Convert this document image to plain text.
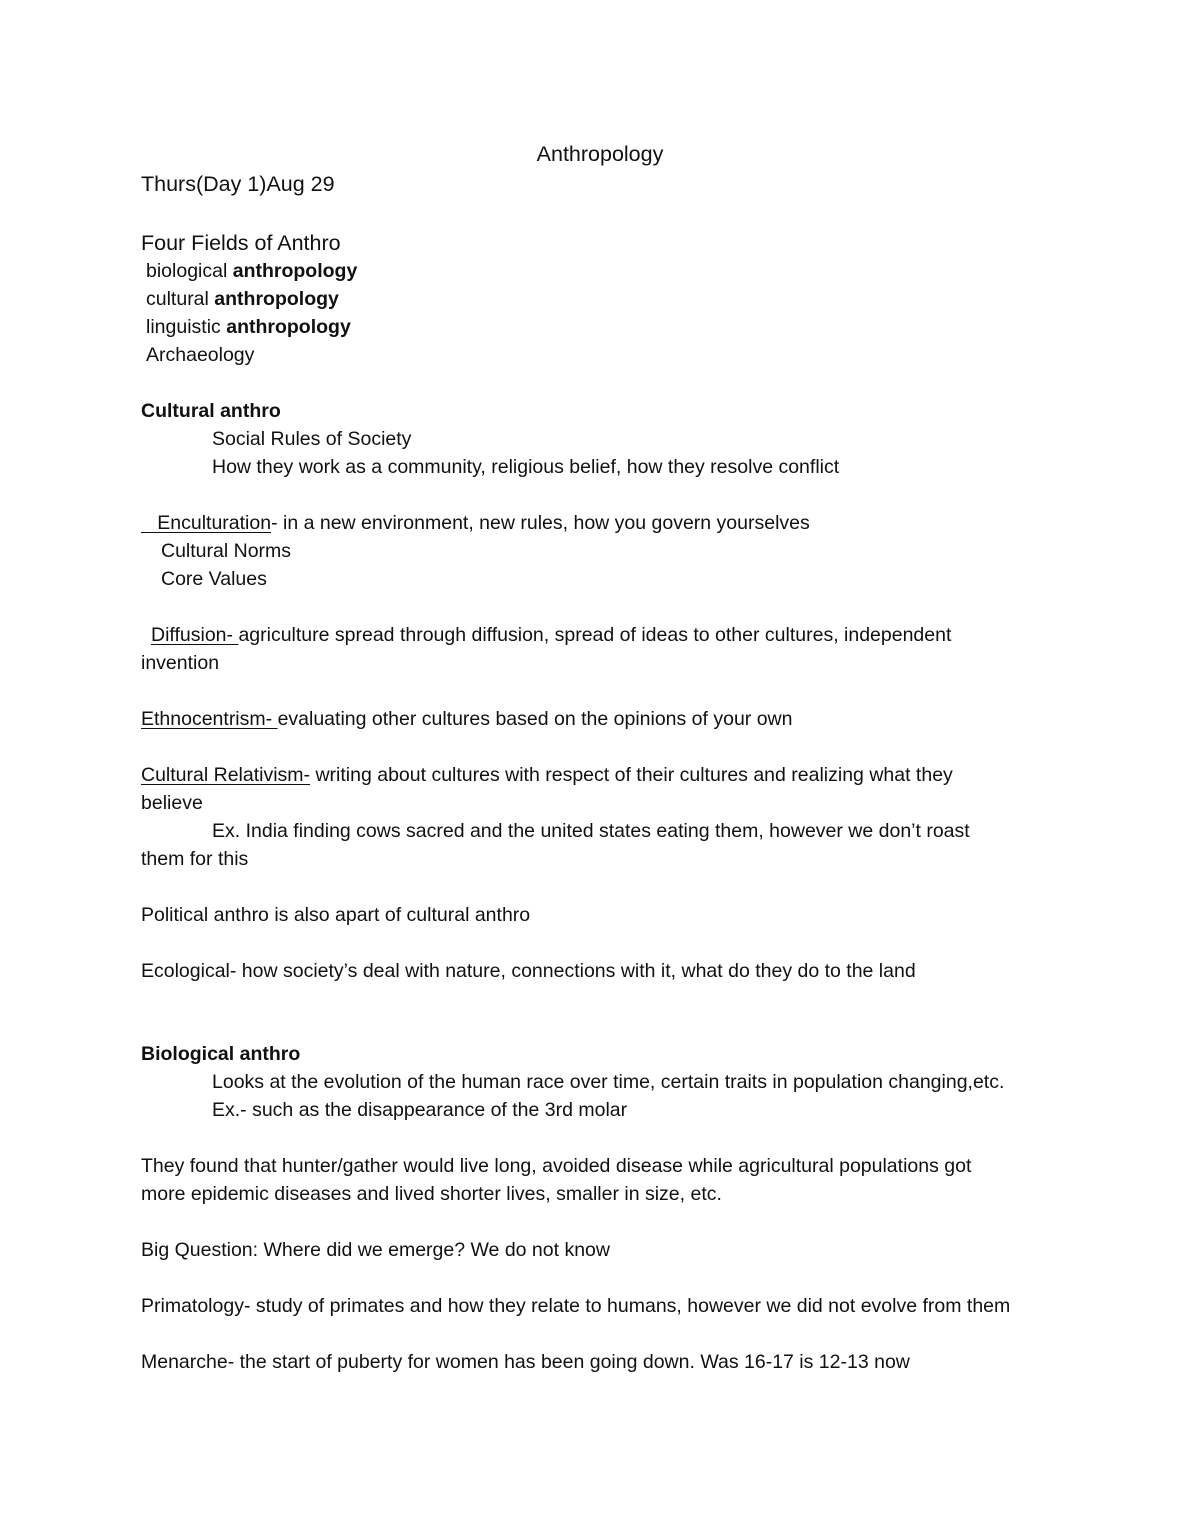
Anthropology
Thurs(Day 1)Aug 29
Four Fields of Anthro
biological anthropology
cultural anthropology
linguistic anthropology
Archaeology
Cultural anthro
Social Rules of Society
How they work as a community, religious belief, how they resolve conflict
Enculturation- in a new environment, new rules, how you govern yourselves
Cultural Norms
Core Values
Diffusion- agriculture spread through diffusion, spread of ideas to other cultures, independent
invention
Ethnocentrism- evaluating other cultures based on the opinions of your own
Cultural Relativism- writing about cultures with respect of their cultures and realizing what they
believe
Ex. India finding cows sacred and the united states eating them, however we don’t roast
them for this
Political anthro is also apart of cultural anthro
Ecological- how society’s deal with nature, connections with it, what do they do to the land
Biological anthro
Looks at the evolution of the human race over time, certain traits in population changing,etc.
Ex.- such as the disappearance of the 3rd molar
They found that hunter/gather would live long, avoided disease while agricultural populations got
more epidemic diseases and lived shorter lives, smaller in size, etc.
Big Question: Where did we emerge? We do not know
Primatology- study of primates and how they relate to humans, however we did not evolve from them
Menarche- the start of puberty for women has been going down. Was 16-17 is 12-13 now
